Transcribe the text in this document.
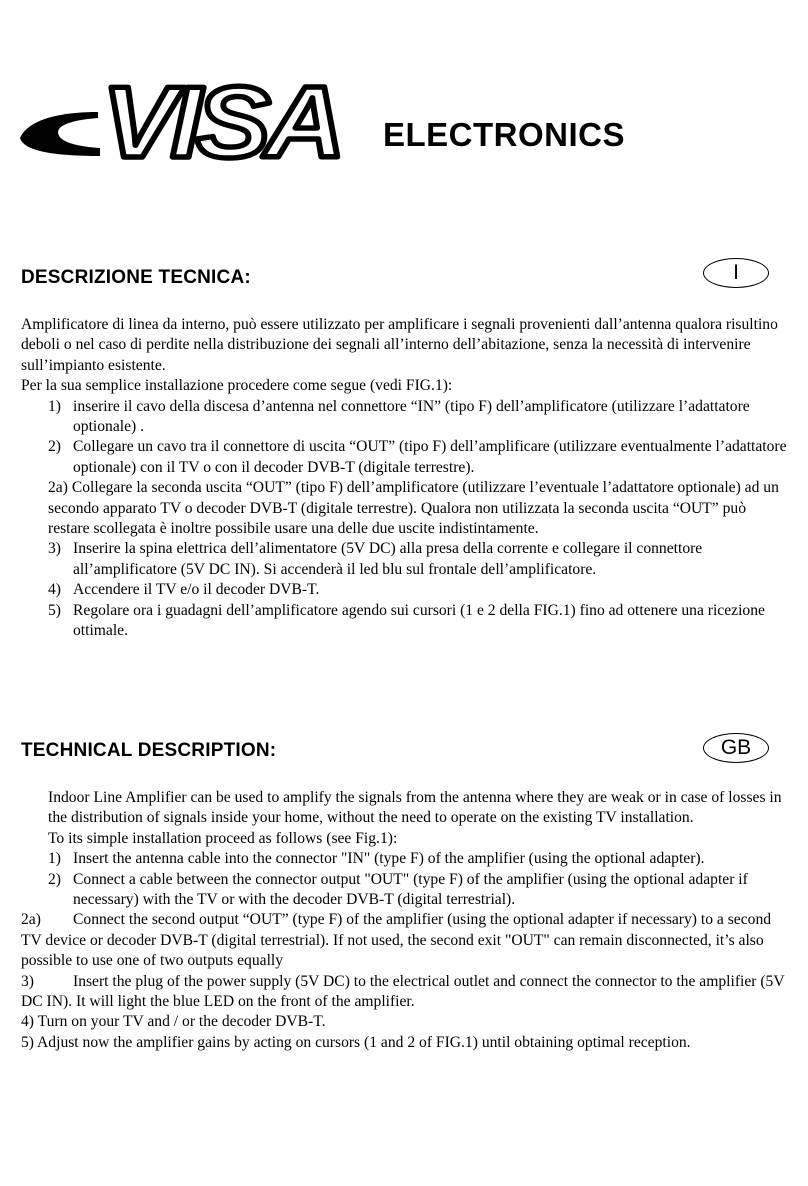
VISA ELECTRONICS
DESCRIZIONE TECNICA:	I

Amplificatore di linea da interno, può essere utilizzato per amplificare i segnali provenienti dall’antenna qualora risultino deboli o nel caso di perdite nella distribuzione dei segnali all’interno dell’abitazione, senza la necessità di intervenire sull’impianto esistente.

Per la sua semplice installazione procedere come segue (vedi FIG.1):

1) inserire il cavo della discesa d’antenna nel connettore “IN” (tipo F) dell’amplificatore (utilizzare l’adattatore optionale) .
2) Collegare un cavo tra il connettore di uscita “OUT” (tipo F) dell’amplificare (utilizzare eventualmente l’adattatore optionale) con il TV o con il decoder DVB-T (digitale terrestre).

2a) Collegare la seconda uscita “OUT” (tipo F) dell’amplificatore (utilizzare l’eventuale l’adattatore optionale) ad un secondo apparato TV o decoder DVB-T (digitale terrestre). Qualora non utilizzata la seconda uscita “OUT” può restare scollegata è inoltre possibile usare una delle due uscite indistintamente.

3) Inserire la spina elettrica dell’alimentatore (5V DC) alla presa della corrente e collegare il connettore all’amplificatore (5V DC IN). Si accenderà il led blu sul frontale dell’amplificatore.
4) Accendere il TV e/o il decoder DVB-T.
5) Regolare ora i guadagni dell’amplificatore agendo sui cursori (1 e 2 della FIG.1) fino ad ottenere una ricezione ottimale.
TECHNICAL DESCRIPTION:	GB

Indoor Line Amplifier can be used to amplify the signals from the antenna where they are weak or in case of losses in the distribution of signals inside your home, without the need to operate on the existing TV installation.

To its simple installation proceed as follows (see Fig.1):

1) Insert the antenna cable into the connector "IN" (type F) of the amplifier (using the optional adapter).
2) Connect a cable between the connector output "OUT" (type F) of the amplifier (using the optional adapter if necessary) with the TV or with the decoder DVB-T (digital terrestrial).

2a) Connect the second output “OUT” (type F) of the amplifier (using the optional adapter if necessary) to a second TV device or decoder DVB-T (digital terrestrial). If not used, the second exit "OUT" can remain disconnected, it’s also possible to use one of two outputs equally

3)	Insert the plug of the power supply (5V DC) to the electrical outlet and connect the connector to the amplifier (5V DC IN). It will light the blue LED on the front of the amplifier.

4) Turn on your TV and / or the decoder DVB-T.

5) Adjust now the amplifier gains by acting on cursors (1 and 2 of FIG.1) until obtaining optimal reception.
